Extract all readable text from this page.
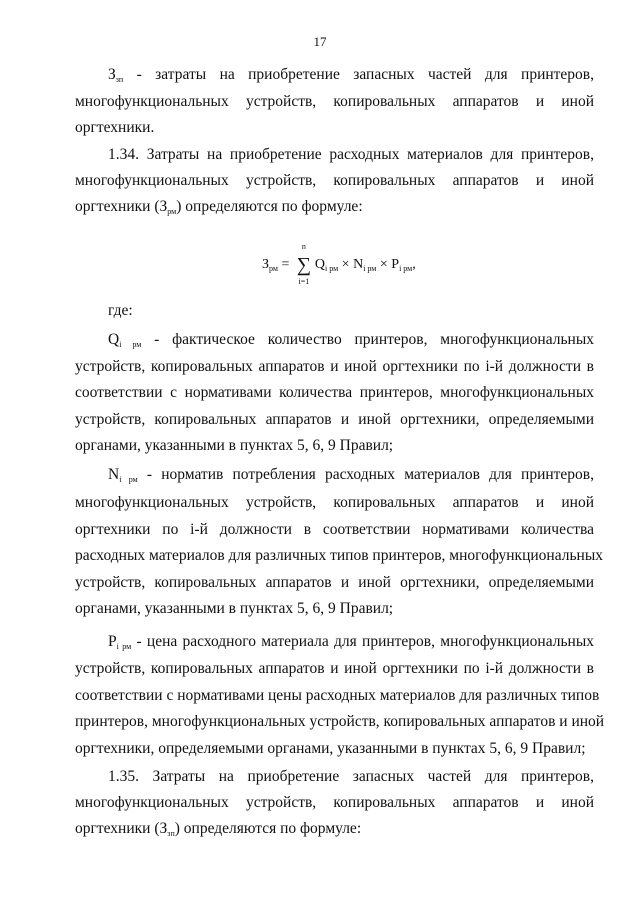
17
$З_{зп}$ - затраты на приобретение запасных частей для принтеров,
многофункциональных устройств, копировальных аппаратов и иной
оргтехники.
1.34. Затраты на приобретение расходных материалов для принтеров,
многофункциональных устройств, копировальных аппаратов и иной
оргтехники $(З_{рм})$ определяются по формуле:
$З_{рм}$ = ∑
n
i=1
$Q_{i рм} \times N_{i рм} \times P_{i рм}$,
где:
$Q_{i рм}$ - фактическое количество принтеров, многофункциональных
устройств, копировальных аппаратов и иной оргтехники по i-й должности в
соответствии с нормативами количества принтеров, многофункциональных
устройств, копировальных аппаратов и иной оргтехники, определяемыми
органами, указанными в пунктах 5, 6, 9 Правил;
$N_{i рм}$ - норматив потребления расходных материалов для принтеров,
многофункциональных устройств, копировальных аппаратов и иной
оргтехники по i-й должности в соответствии нормативами количества
расходных материалов для различных типов принтеров, многофункциональных
устройств, копировальных аппаратов и иной оргтехники, определяемыми
органами, указанными в пунктах 5, 6, 9 Правил;
$P_{i рм}$ - цена расходного материала для принтеров, многофункциональных
устройств, копировальных аппаратов и иной оргтехники по i-й должности в
соответствии с нормативами цены расходных материалов для различных типов
принтеров, многофункциональных устройств, копировальных аппаратов и иной
оргтехники, определяемыми органами, указанными в пунктах 5, 6, 9 Правил;
1.35. Затраты на приобретение запасных частей для принтеров,
многофункциональных устройств, копировальных аппаратов и иной
оргтехники $(З_{зп})$ определяются по формуле:
